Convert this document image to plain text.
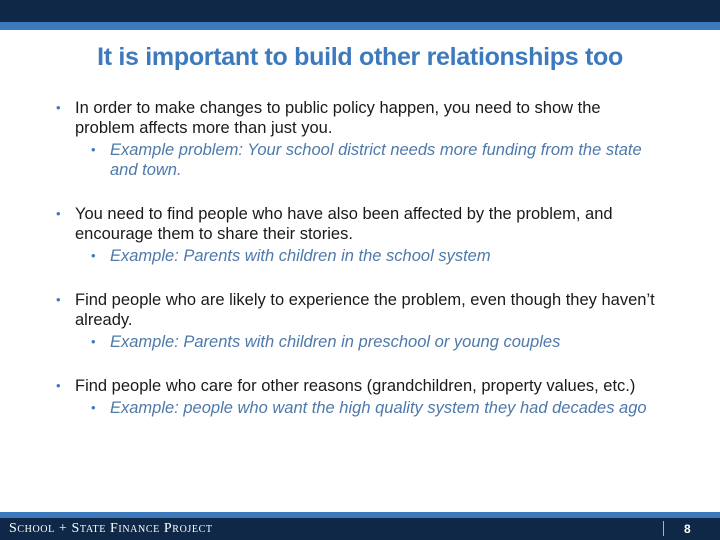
It is important to build other relationships too
• In order to make changes to public policy happen, you need to show the problem affects more than just you.
• Example problem: Your school district needs more funding from the state and town.
• You need to find people who have also been affected by the problem, and encourage them to share their stories.
• Example: Parents with children in the school system
• Find people who are likely to experience the problem, even though they haven’t already.
• Example: Parents with children in preschool or young couples
• Find people who care for other reasons (grandchildren, property values, etc.)
• Example: people who want the high quality system they had decades ago
School + State Finance Project	8
